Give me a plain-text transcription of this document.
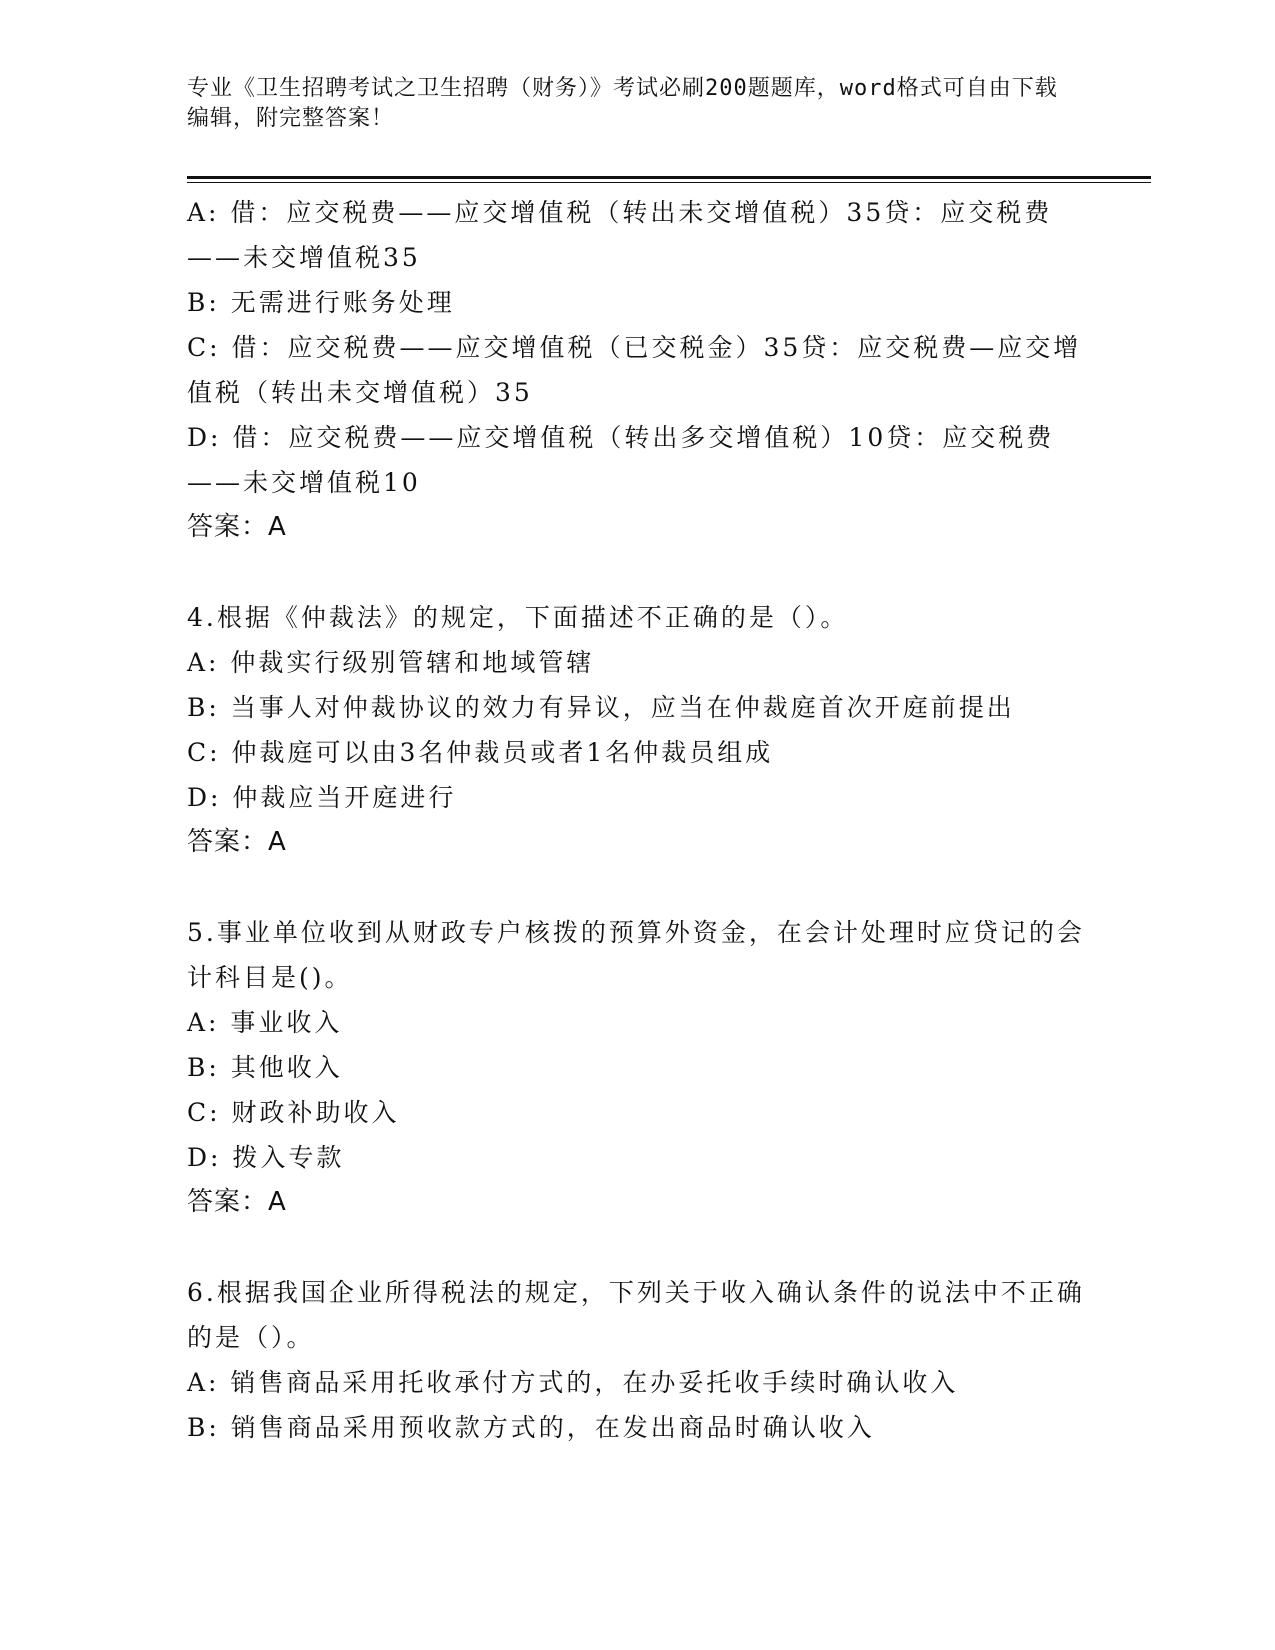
专业《卫生招聘考试之卫生招聘（财务）》考试必刷200题题库，word格式可自由下载编辑，附完整答案！
A: 借：应交税费——应交增值税（转出未交增值税）35贷：应交税费——未交增值税35
B: 无需进行账务处理
C: 借：应交税费——应交增值税（已交税金）35贷：应交税费—应交增值税（转出未交增值税）35
D: 借：应交税费——应交增值税（转出多交增值税）10贷：应交税费——未交增值税10
答案：A
4.根据《仲裁法》的规定，下面描述不正确的是（）。
A: 仲裁实行级别管辖和地域管辖
B: 当事人对仲裁协议的效力有异议，应当在仲裁庭首次开庭前提出
C: 仲裁庭可以由3名仲裁员或者1名仲裁员组成
D: 仲裁应当开庭进行
答案：A
5.事业单位收到从财政专户核拨的预算外资金，在会计处理时应贷记的会计科目是()。
A: 事业收入
B: 其他收入
C: 财政补助收入
D: 拨入专款
答案：A
6.根据我国企业所得税法的规定，下列关于收入确认条件的说法中不正确的是（）。
A: 销售商品采用托收承付方式的，在办妥托收手续时确认收入
B: 销售商品采用预收款方式的，在发出商品时确认收入
